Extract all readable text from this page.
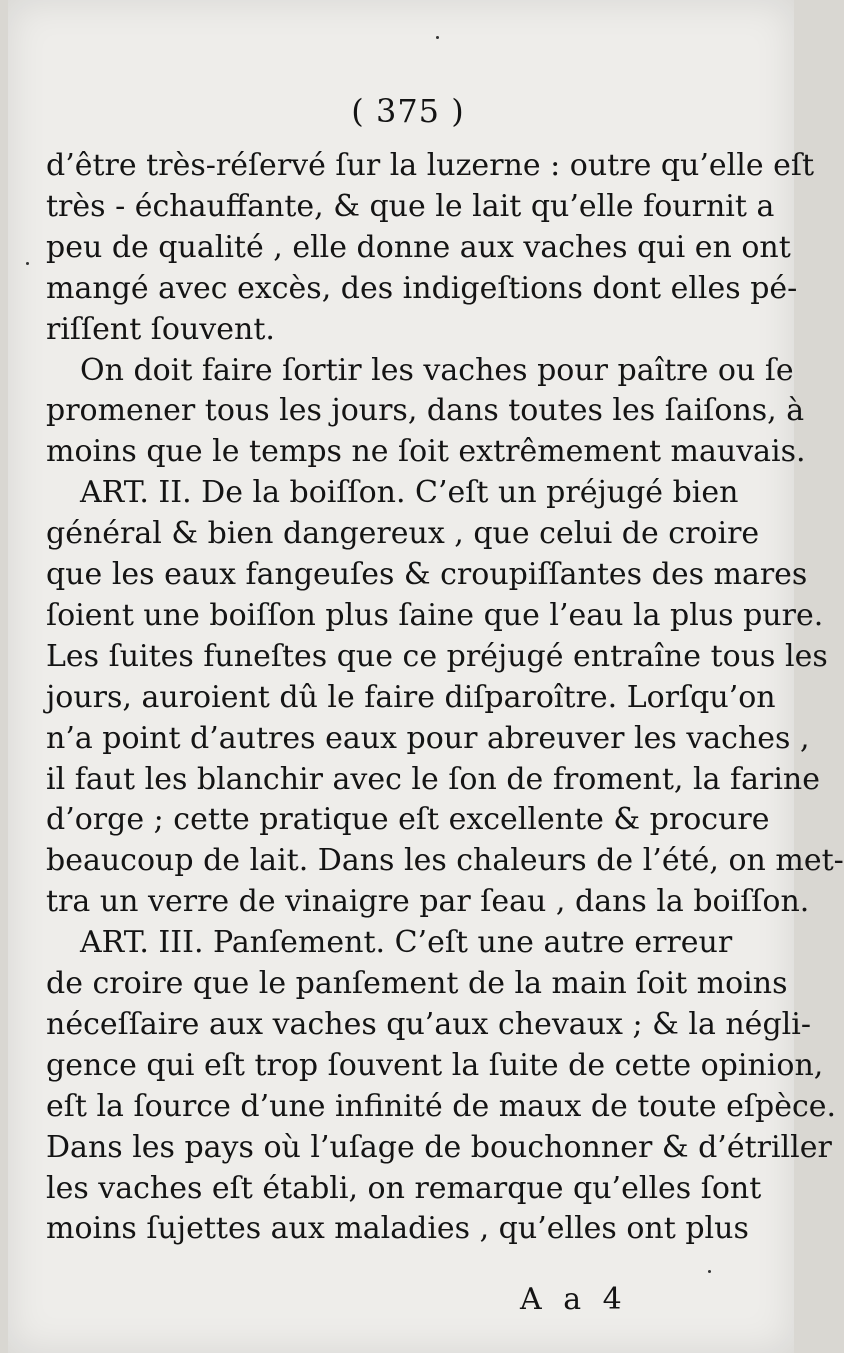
( 375 )
A a 4
d’être très-réſervé ſur la luzerne : outre qu’elle eſt
très - échauffante, & que le lait qu’elle fournit a
peu de qualité , elle donne aux vaches qui en ont
mangé avec excès, des indigeſtions dont elles pé-
riſſent ſouvent.
On doit faire ſortir les vaches pour paître ou ſe
promener tous les jours, dans toutes les ſaiſons, à
moins que le temps ne ſoit extrêmement mauvais.
ART. II. De la boiſſon. C’eſt un préjugé bien
général & bien dangereux , que celui de croire
que les eaux fangeuſes & croupiſſantes des mares
ſoient une boiſſon plus ſaine que l’eau la plus pure.
Les ſuites funeſtes que ce préjugé entraîne tous les
jours, auroient dû le faire diſparoître. Lorſqu’on
n’a point d’autres eaux pour abreuver les vaches ,
il faut les blanchir avec le ſon de froment, la farine
d’orge ; cette pratique eſt excellente & procure
beaucoup de lait. Dans les chaleurs de l’été, on met-
tra un verre de vinaigre par ſeau , dans la boiſſon.
ART. III. Panſement. C’eſt une autre erreur
de croire que le panſement de la main ſoit moins
néceſſaire aux vaches qu’aux chevaux ; & la négli-
gence qui eſt trop ſouvent la ſuite de cette opinion,
eſt la ſource d’une infinité de maux de toute eſpèce.
Dans les pays où l’uſage de bouchonner & d’étriller
les vaches eſt établi, on remarque qu’elles ſont
moins ſujettes aux maladies , qu’elles ont plus
